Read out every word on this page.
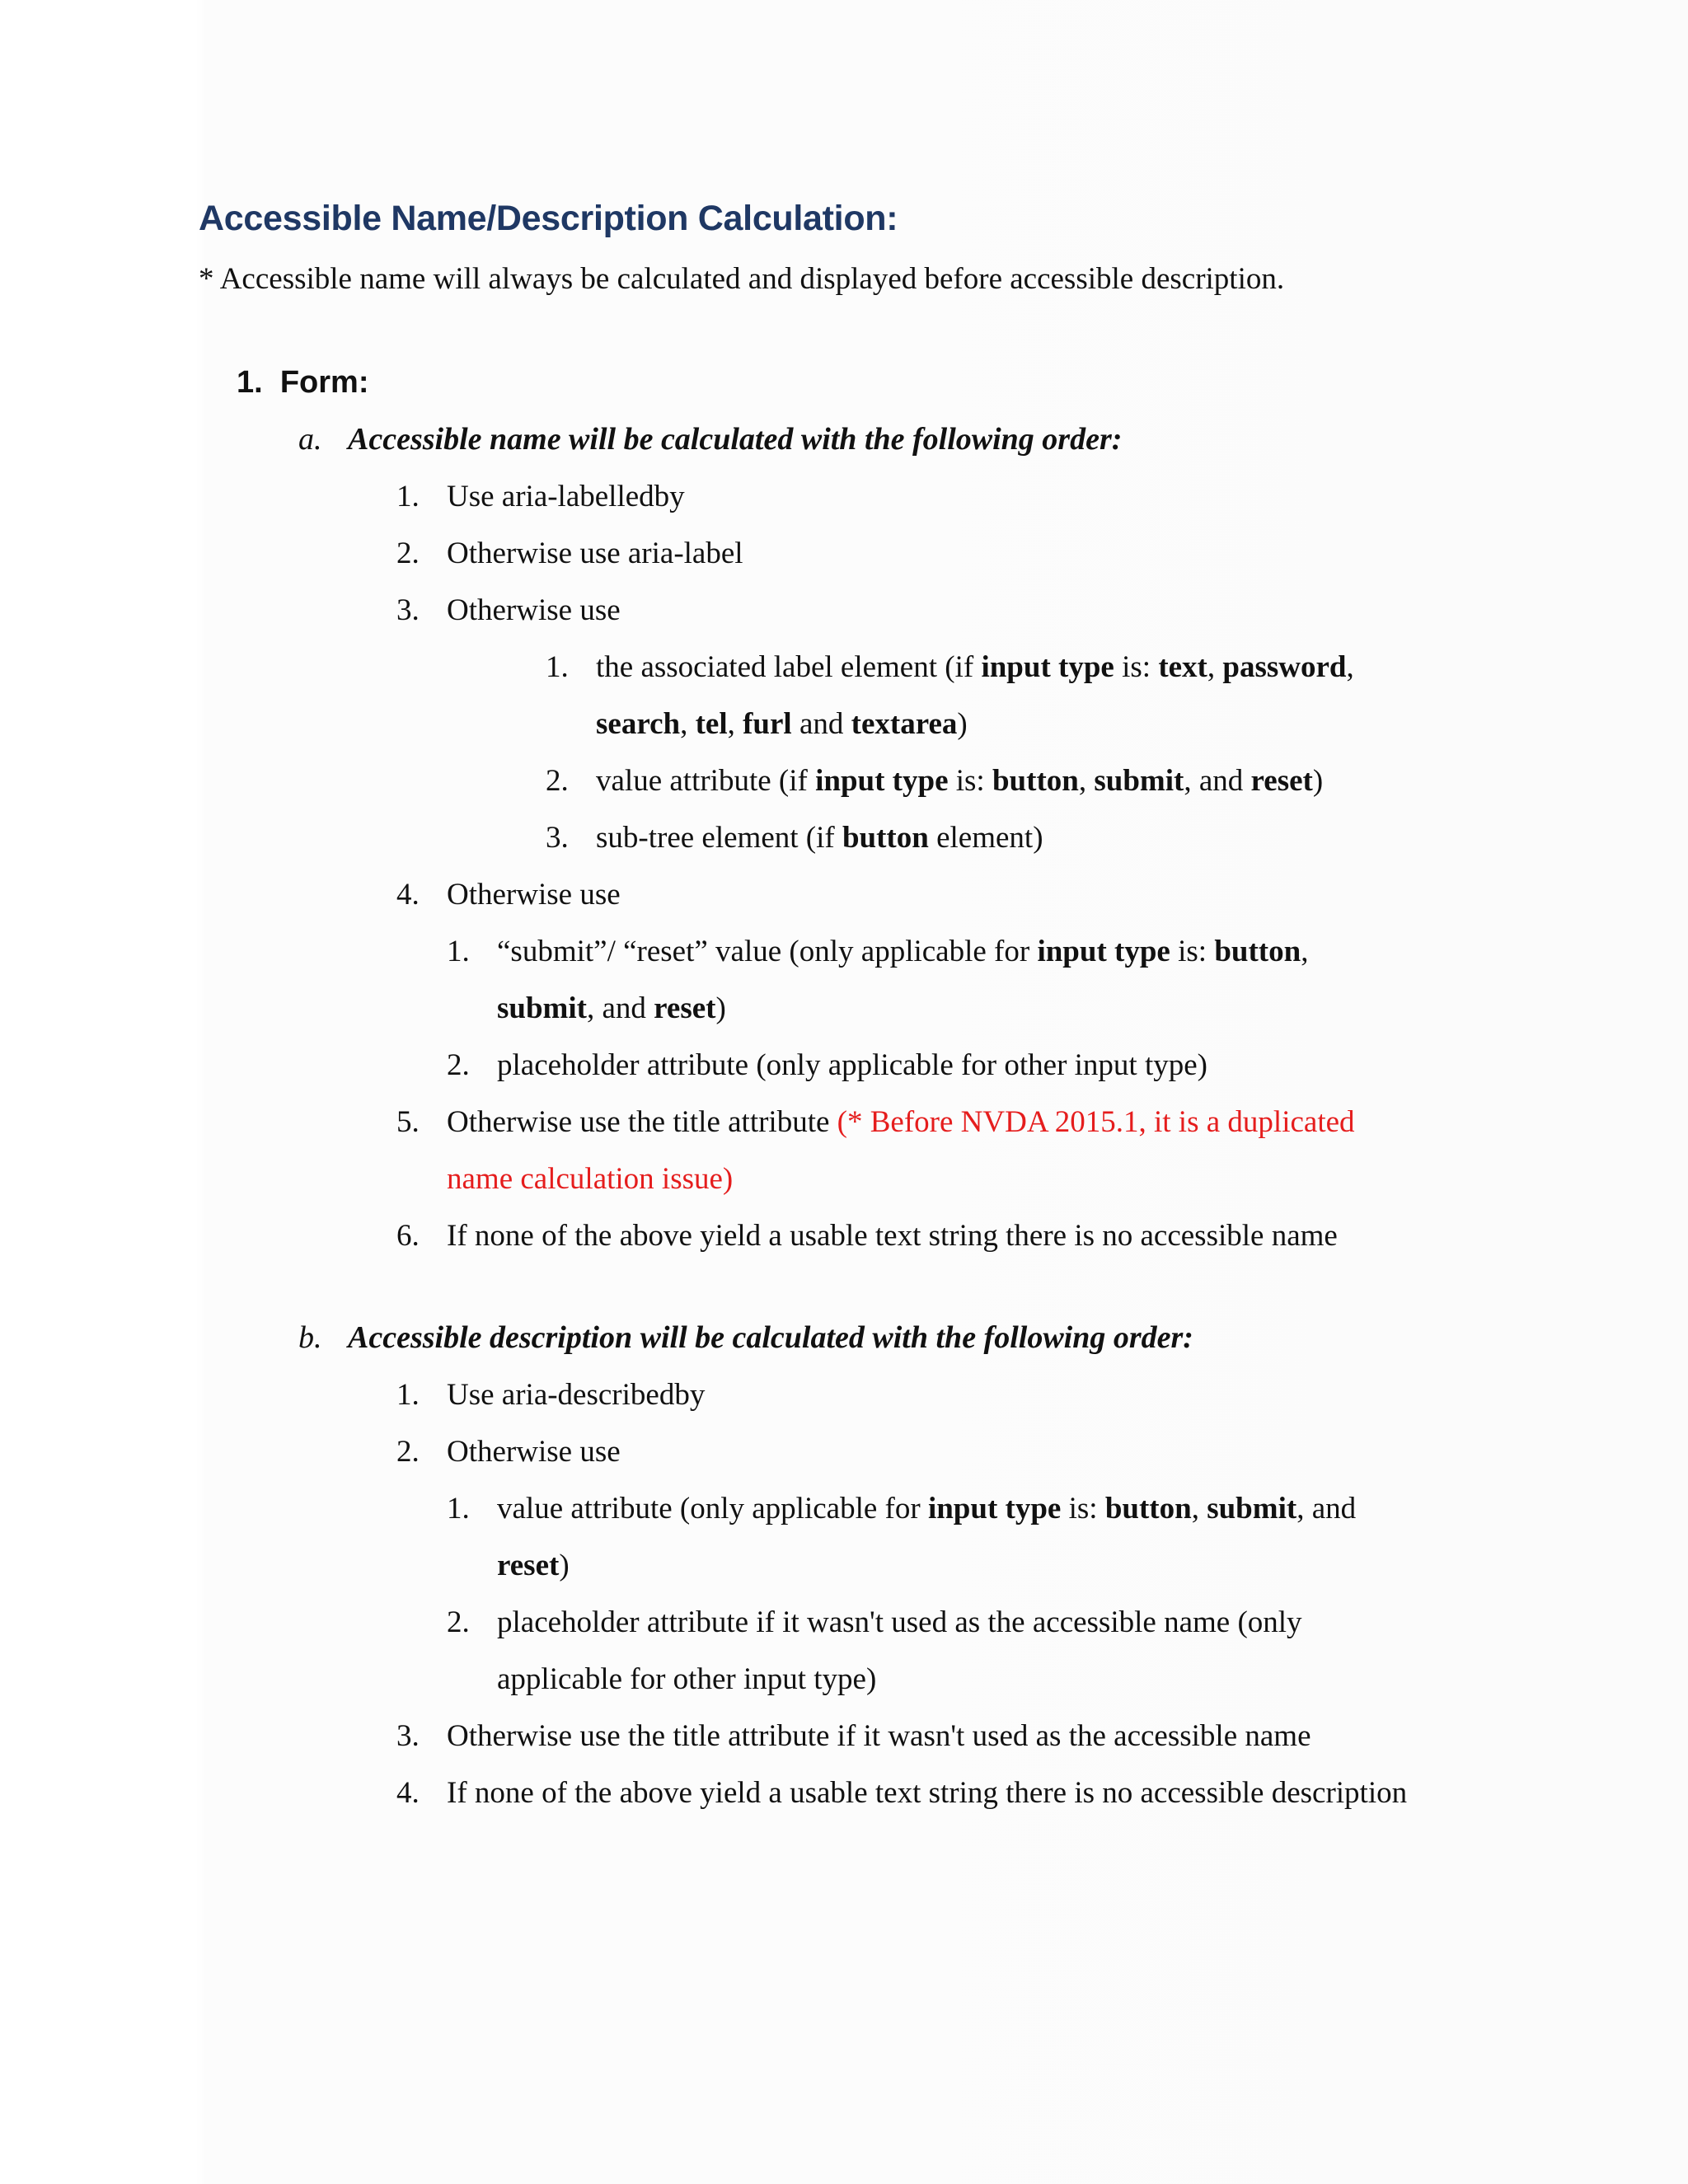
Accessible Name/Description Calculation:
* Accessible name will always be calculated and displayed before accessible description.
1. Form:
a. Accessible name will be calculated with the following order:
1. Use aria-labelledby
2. Otherwise use aria-label
3. Otherwise use
1. the associated label element (if input type is: text, password,
search, tel, furl and textarea)
2. value attribute (if input type is: button, submit, and reset)
3. sub-tree element (if button element)
4. Otherwise use
1. “submit”/ “reset” value (only applicable for input type is: button,
submit, and reset)
2. placeholder attribute (only applicable for other input type)
5. Otherwise use the title attribute (* Before NVDA 2015.1, it is a duplicated
name calculation issue)
6. If none of the above yield a usable text string there is no accessible name
b. Accessible description will be calculated with the following order:
1. Use aria-describedby
2. Otherwise use
1. value attribute (only applicable for input type is: button, submit, and
reset)
2. placeholder attribute if it wasn't used as the accessible name (only
applicable for other input type)
3. Otherwise use the title attribute if it wasn't used as the accessible name
4. If none of the above yield a usable text string there is no accessible description
